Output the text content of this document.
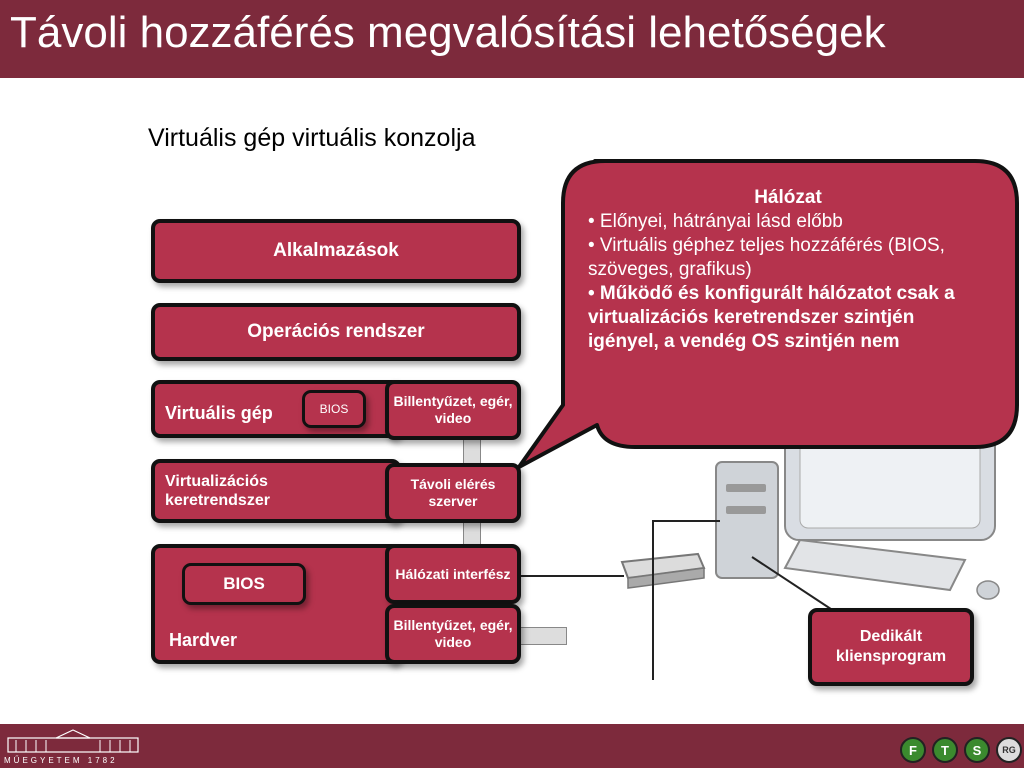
Távoli hozzáférés megvalósítási lehetőségek
Virtuális gép virtuális konzolja
Alkalmazások
Operációs rendszer
Virtuális gép	BIOS	Billentyűzet, egér, video
Virtualizációs keretrendszer
Távoli elérés szerver
Hardver
BIOS
Hálózati interfész
Billentyűzet, egér, video	Dedikált kliensprogram
Hálózat
• Előnyei, hátrányai lásd előbb
• Virtuális géphez teljes hozzáférés (BIOS, szöveges, grafikus)
• Működő és konfigurált hálózatot csak a virtualizációs keretrendszer szintjén igényel, a vendég OS szintjén nem
MŰEGYETEM 1782
F	T	S	RG
